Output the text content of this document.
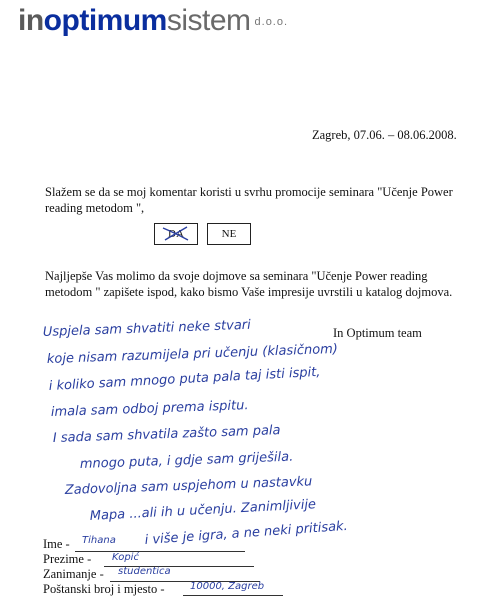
inoptimumsistem d.o.o.
Zagreb, 07.06. – 08.06.2008.
Slažem se da se moj komentar koristi u svrhu promocije seminara "Učenje Power reading metodom ",
DA	NE
Najljepše Vas molimo da svoje dojmove sa seminara "Učenje Power reading metodom " zapišete ispod, kako bismo Vaše impresije uvrstili u katalog dojmova.
In Optimum team
Uspjela sam shvatiti neke stvari
koje nisam razumijela pri učenju (klasičnom)
i koliko sam mnogo puta pala taj isti ispit,
imala sam odboj prema ispitu.
I sada sam shvatila zašto sam pala
mnogo puta, i gdje sam griješila.
Zadovoljna sam uspjehom u nastavku
Mapa ...ali ih u učenju. Zanimljivije
i više je igra, a ne neki pritisak.
Ime - Tihana
Prezime - Kopić
Zanimanje - studentica
Poštanski broj i mjesto -	10000, Zagreb
